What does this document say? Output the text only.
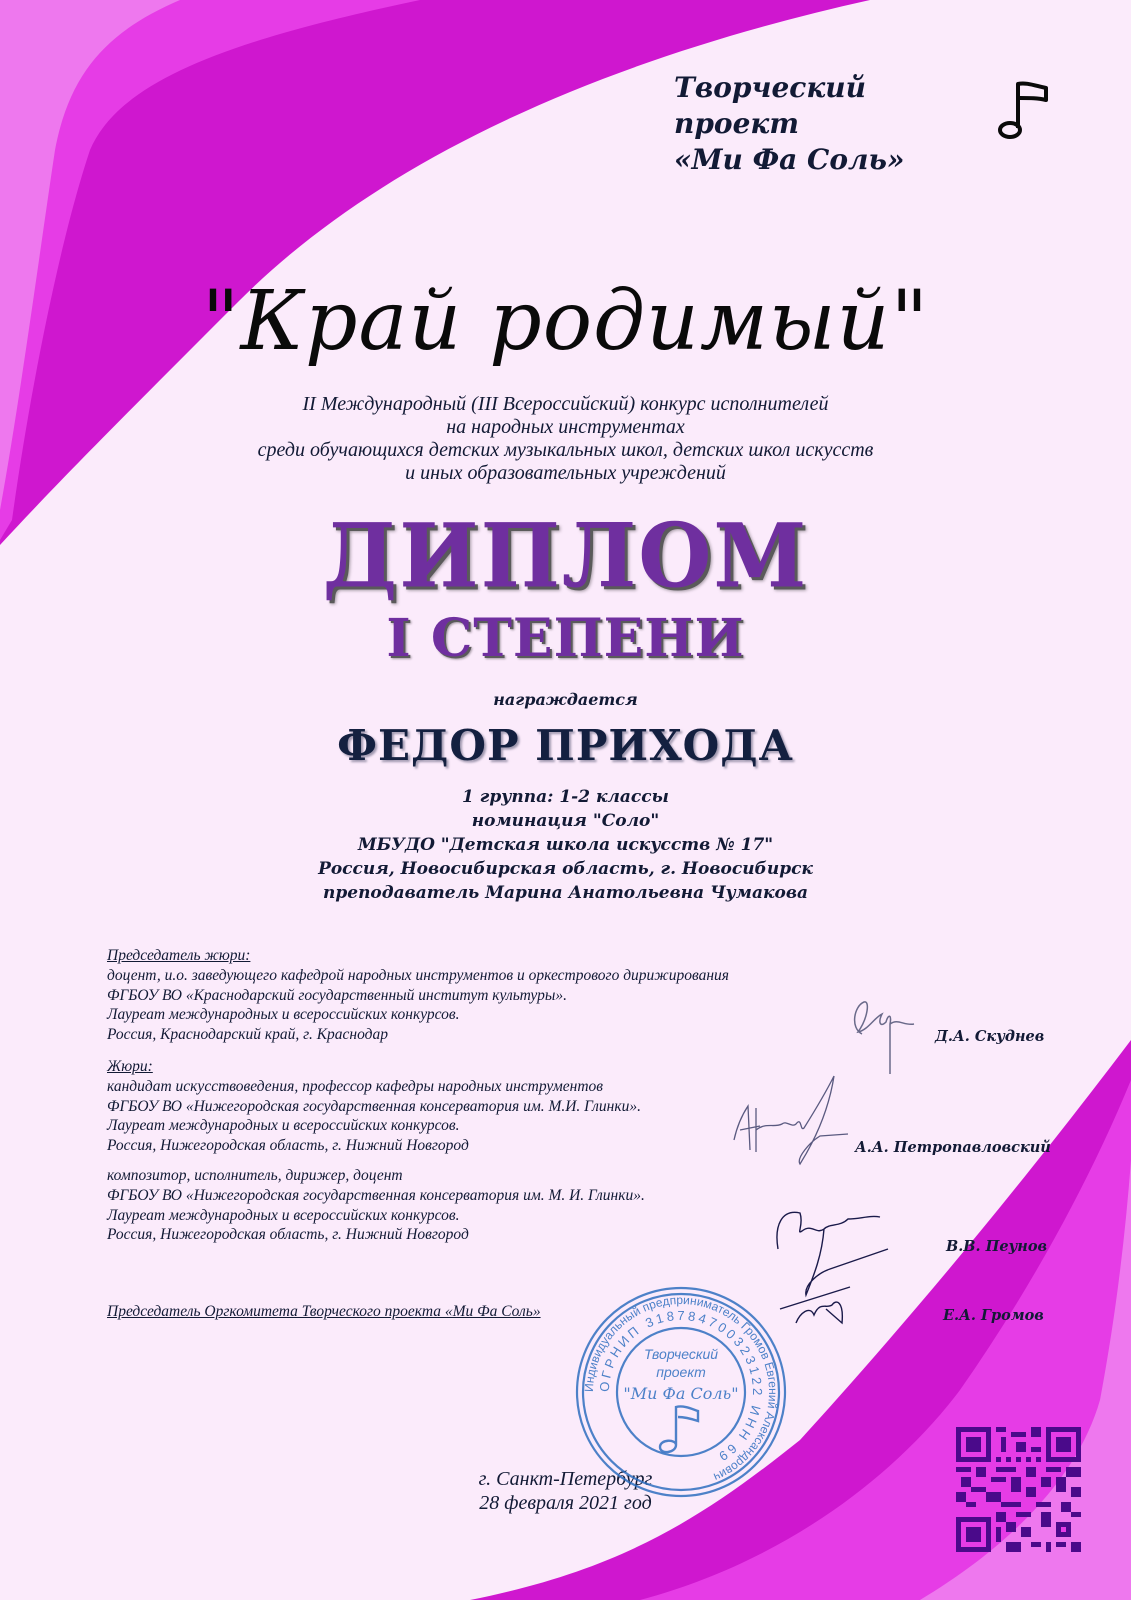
Творческий проект
«Ми Фа Соль»
"Край родимый"
II Международный (III Всероссийский) конкурс исполнителей
на народных инструментах
среди обучающихся детских музыкальных школ, детских школ искусств
и иных образовательных учреждений
ДИПЛОМ
I СТЕПЕНИ
награждается
ФЕДОР ПРИХОДА
1 группа: 1-2 классы
номинация "Соло"
МБУДО "Детская школа искусств № 17"
Россия, Новосибирская область, г. Новосибирск
преподаватель Марина Анатольевна Чумакова
Председатель жюри:
доцент, и.о. заведующего кафедрой народных инструментов и оркестрового дирижирования
ФГБОУ ВО «Краснодарский государственный институт культуры».
Лауреат международных и всероссийских конкурсов.
Россия, Краснодарский край, г. Краснодар	Д.А. Скуднев
Жюри:
кандидат искусствоведения, профессор кафедры народных инструментов
ФГБОУ ВО «Нижегородская государственная консерватория им. М.И. Глинки».
Лауреат международных и всероссийских конкурсов.
Россия, Нижегородская область, г. Нижний Новгород	А.А. Петропавловский
композитор, исполнитель, дирижер, доцент
ФГБОУ ВО «Нижегородская государственная консерватория им. М. И. Глинки».
Лауреат международных и всероссийских конкурсов.
Россия, Нижегородская область, г. Нижний Новгород
В.В. Пеунов
Председатель Оргкомитета Творческого проекта «Ми Фа Соль»	Е.А. Громов
Индивидуальный предприниматель Громов Евгений Александрович
ОГРНИП 318784700323122 ИНН 69
Творческий
проект
"Ми Фа Соль"
г. Санкт-Петербург
28 февраля 2021 год
